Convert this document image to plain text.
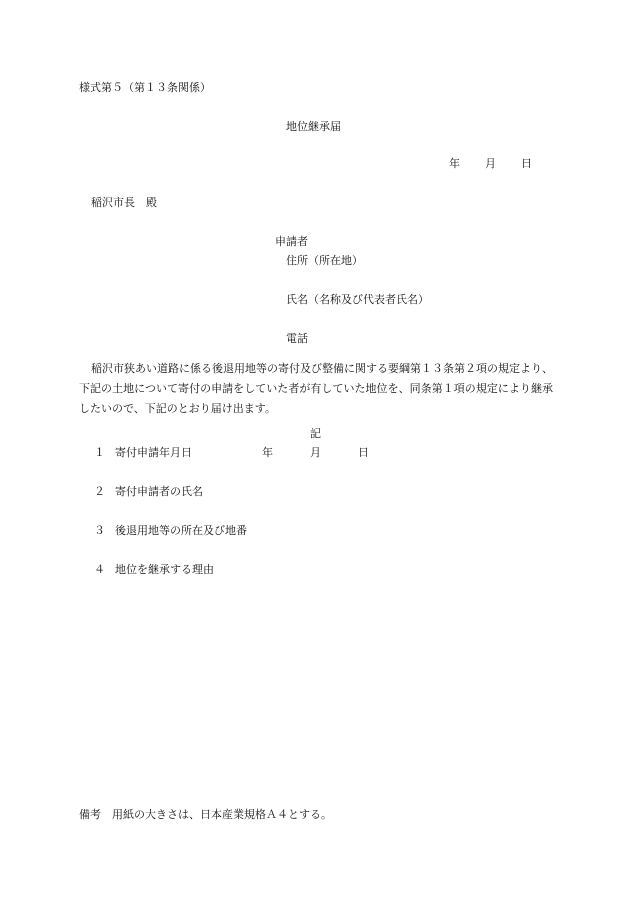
様式第５（第１３条関係）
地位継承届
年 月 日
稲沢市長　殿
申請者
住所（所在地）
氏名（名称及び代表者氏名）
電話
稲沢市狭あい道路に係る後退用地等の寄付及び整備に関する要綱第１３条第２項の規定より、下記の土地について寄付の申請をしていた者が有していた地位を、同条第１項の規定により継承したいので、下記のとおり届け出ます。
記
１ 寄付申請年月日	年	月	日
２ 寄付申請者の氏名
３ 後退用地等の所在及び地番
４ 地位を継承する理由
備考　用紙の大きさは、日本産業規格Ａ４とする。
